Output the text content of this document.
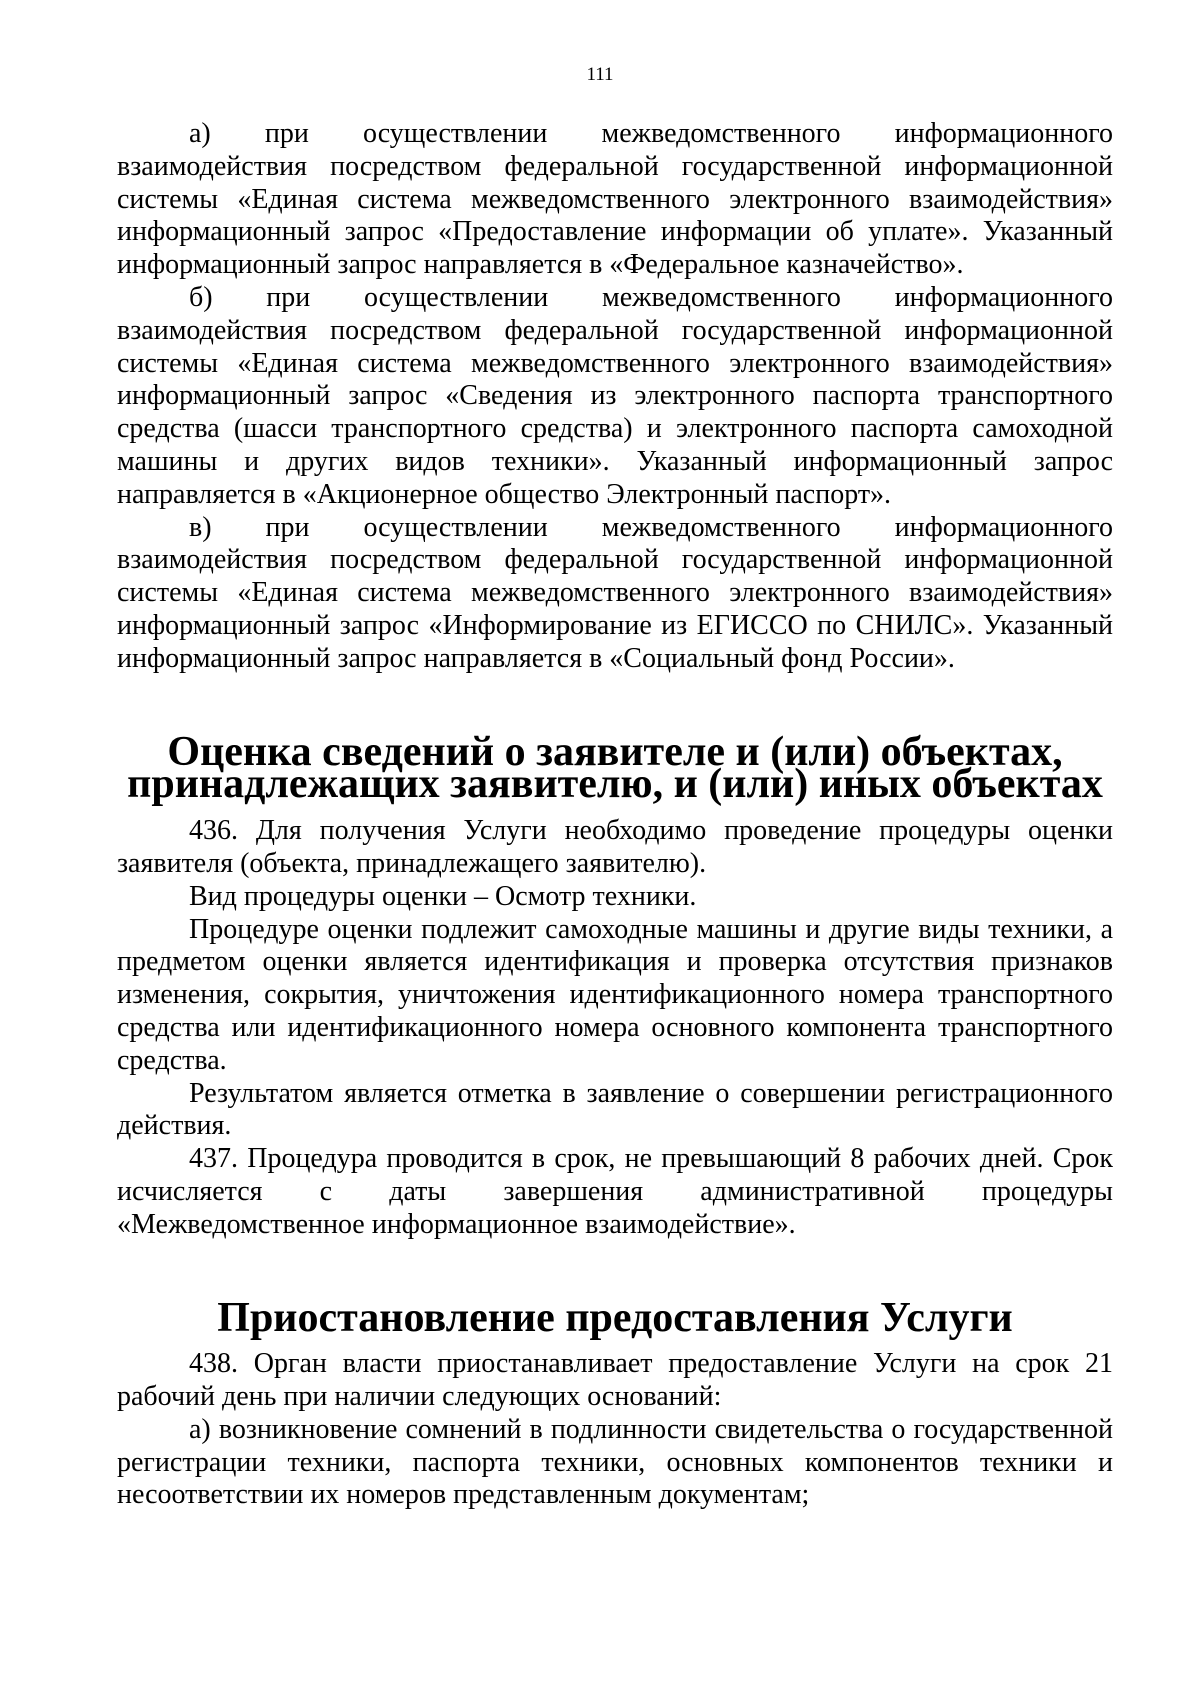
111

а) при осуществлении межведомственного информационного взаимодействия посредством федеральной государственной информационной системы «Единая система межведомственного электронного взаимодействия» информационный запрос «Предоставление информации об уплате». Указанный информационный запрос направляется в «Федеральное казначейство».

б) при осуществлении межведомственного информационного взаимодействия посредством федеральной государственной информационной системы «Единая система межведомственного электронного взаимодействия» информационный запрос «Сведения из электронного паспорта транспортного средства (шасси транспортного средства) и электронного паспорта самоходной машины и других видов техники». Указанный информационный запрос направляется в «Акционерное общество Электронный паспорт».

в) при осуществлении межведомственного информационного взаимодействия посредством федеральной государственной информационной системы «Единая система межведомственного электронного взаимодействия» информационный запрос «Информирование из ЕГИССО по СНИЛС». Указанный информационный запрос направляется в «Социальный фонд России».

Оценка сведений о заявителе и (или) объектах, принадлежащих заявителю, и (или) иных объектах

436. Для получения Услуги необходимо проведение процедуры оценки заявителя (объекта, принадлежащего заявителю).

Вид процедуры оценки – Осмотр техники.

Процедуре оценки подлежит самоходные машины и другие виды техники, а предметом оценки является идентификация и проверка отсутствия признаков изменения, сокрытия, уничтожения идентификационного номера транспортного средства или идентификационного номера основного компонента транспортного средства.

Результатом является отметка в заявление о совершении регистрационного действия.

437. Процедура проводится в срок, не превышающий 8 рабочих дней. Срок исчисляется с даты завершения административной процедуры «Межведомственное информационное взаимодействие».

Приостановление предоставления Услуги

438. Орган власти приостанавливает предоставление Услуги на срок 21 рабочий день при наличии следующих оснований:

а) возникновение сомнений в подлинности свидетельства о государственной регистрации техники, паспорта техники, основных компонентов техники и несоответствии их номеров представленным документам;
